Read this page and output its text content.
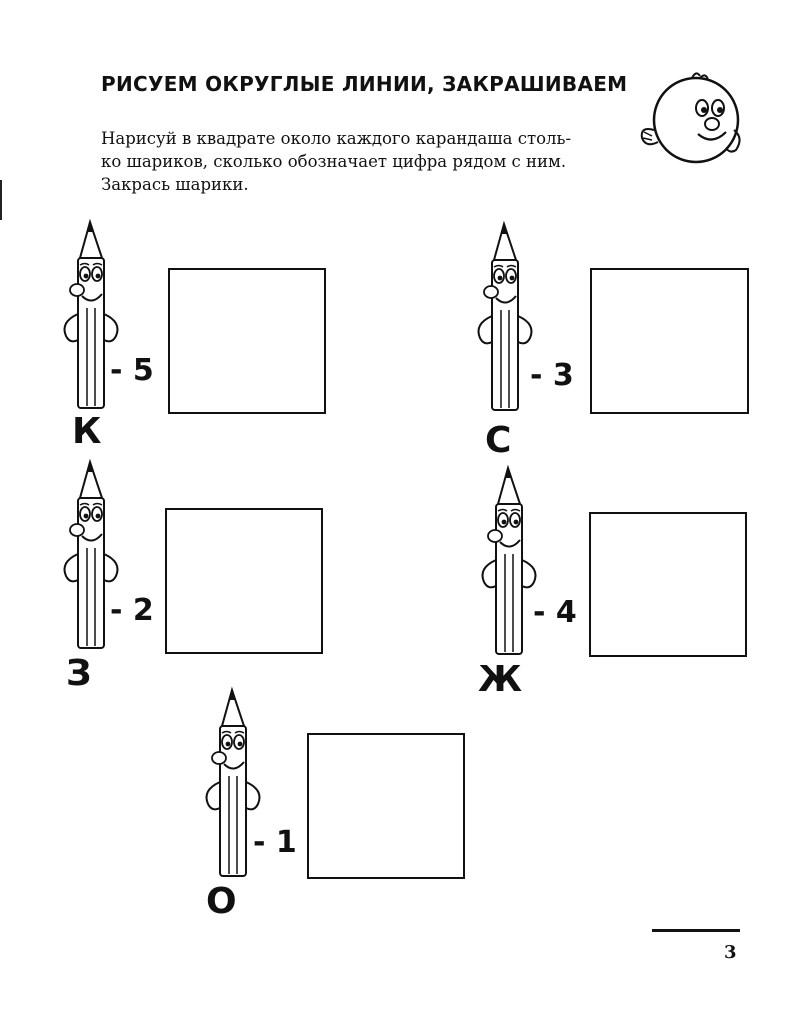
РИСУЕМ ОКРУГЛЫЕ ЛИНИИ, ЗАКРАШИВАЕМ

Нарисуй в квадрате около каждого карандаша столь-
ко шариков, сколько обозначает цифра рядом с ним.
Закрась шарики.

- 5
К
- 3
С
- 2
З
- 4
Ж
- 1
О
3
